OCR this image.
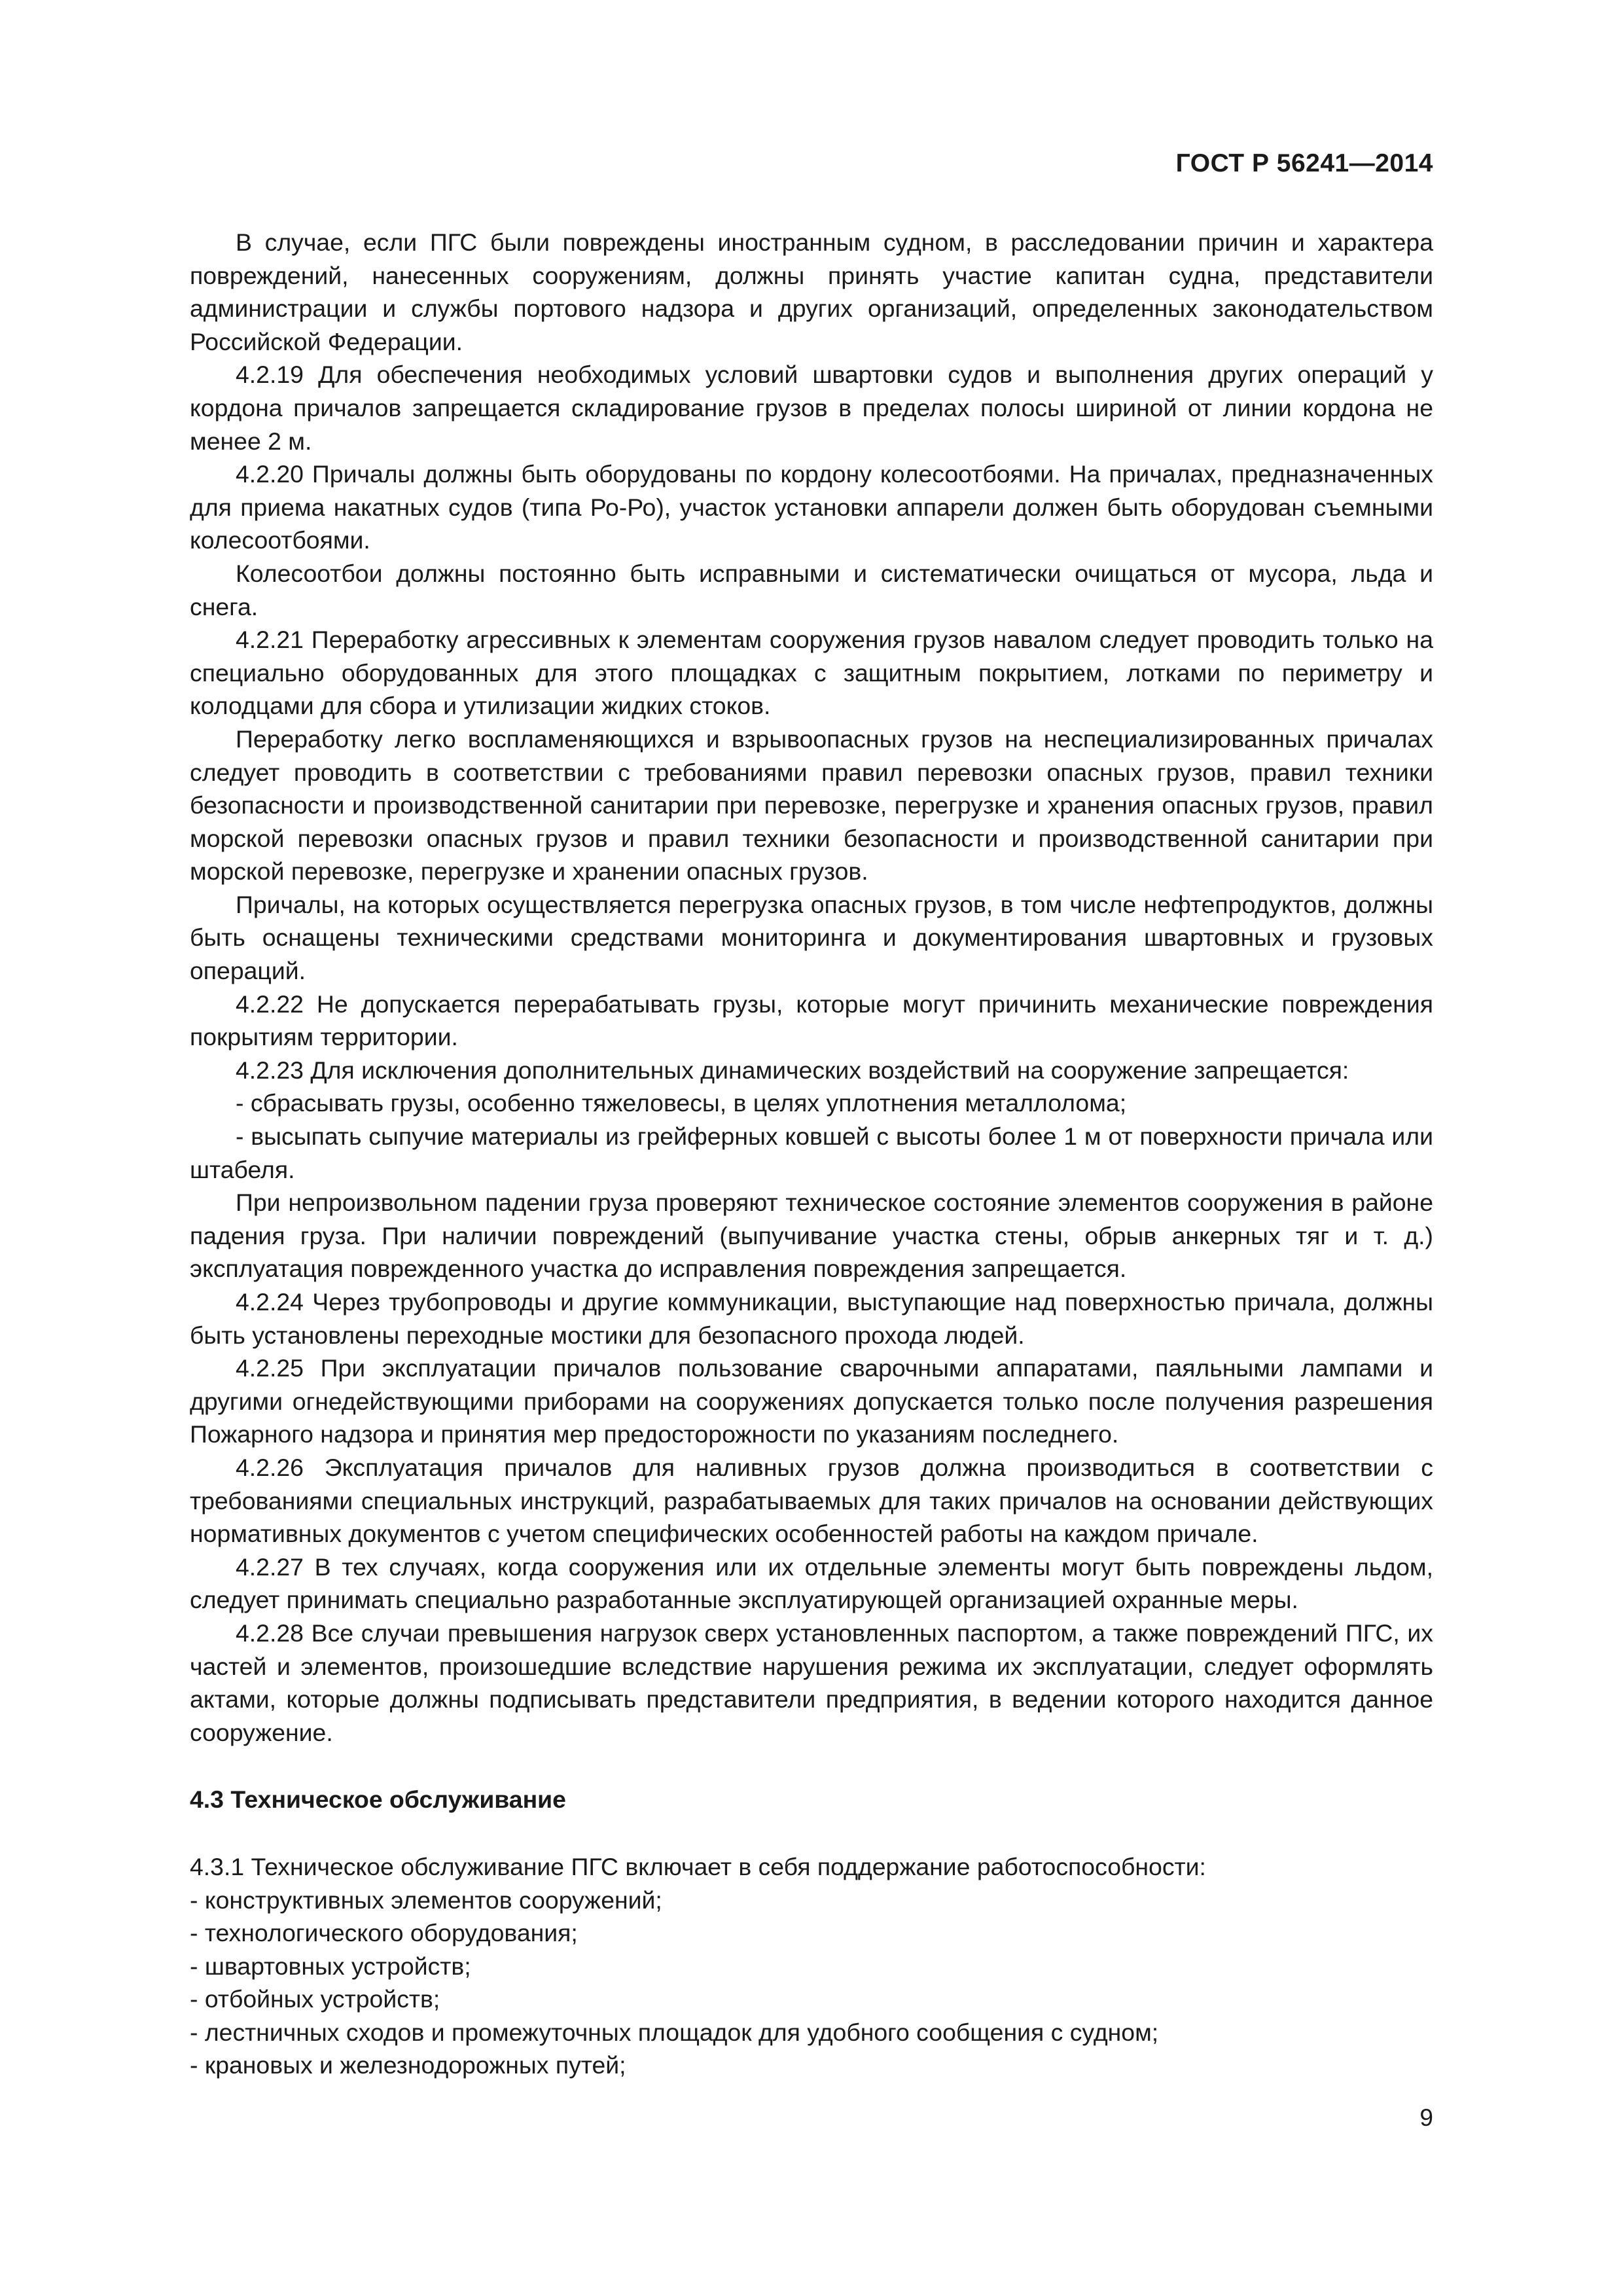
ГОСТ Р 56241—2014

В случае, если ПГС были повреждены иностранным судном, в расследовании причин и характера повреждений, нанесенных сооружениям, должны принять участие капитан судна, представители администрации и службы портового надзора и других организаций, определенных законодательством Российской Федерации.

4.2.19 Для обеспечения необходимых условий швартовки судов и выполнения других операций у кордона причалов запрещается складирование грузов в пределах полосы шириной от линии кордона не менее 2 м.

4.2.20 Причалы должны быть оборудованы по кордону колесоотбоями. На причалах, предназначенных для приема накатных судов (типа Ро-Ро), участок установки аппарели должен быть оборудован съемными колесоотбоями.

Колесоотбои должны постоянно быть исправными и систематически очищаться от мусора, льда и снега.

4.2.21 Переработку агрессивных к элементам сооружения грузов навалом следует проводить только на специально оборудованных для этого площадках с защитным покрытием, лотками по периметру и колодцами для сбора и утилизации жидких стоков.

Переработку легко воспламеняющихся и взрывоопасных грузов на неспециализированных причалах следует проводить в соответствии с требованиями правил перевозки опасных грузов, правил техники безопасности и производственной санитарии при перевозке, перегрузке и хранения опасных грузов, правил морской перевозки опасных грузов и правил техники безопасности и производственной санитарии при морской перевозке, перегрузке и хранении опасных грузов.

Причалы, на которых осуществляется перегрузка опасных грузов, в том числе нефтепродуктов, должны быть оснащены техническими средствами мониторинга и документирования швартовных и грузовых операций.

4.2.22 Не допускается перерабатывать грузы, которые могут причинить механические повреждения покрытиям территории.

4.2.23 Для исключения дополнительных динамических воздействий на сооружение запрещается:

- сбрасывать грузы, особенно тяжеловесы, в целях уплотнения металлолома;

- высыпать сыпучие материалы из грейферных ковшей с высоты более 1 м от поверхности причала или штабеля.

При непроизвольном падении груза проверяют техническое состояние элементов сооружения в районе падения груза. При наличии повреждений (выпучивание участка стены, обрыв анкерных тяг и т. д.) эксплуатация поврежденного участка до исправления повреждения запрещается.

4.2.24 Через трубопроводы и другие коммуникации, выступающие над поверхностью причала, должны быть установлены переходные мостики для безопасного прохода людей.

4.2.25 При эксплуатации причалов пользование сварочными аппаратами, паяльными лампами и другими огнедействующими приборами на сооружениях допускается только после получения разрешения Пожарного надзора и принятия мер предосторожности по указаниям последнего.

4.2.26 Эксплуатация причалов для наливных грузов должна производиться в соответствии с требованиями специальных инструкций, разрабатываемых для таких причалов на основании действующих нормативных документов с учетом специфических особенностей работы на каждом причале.

4.2.27 В тех случаях, когда сооружения или их отдельные элементы могут быть повреждены льдом, следует принимать специально разработанные эксплуатирующей организацией охранные меры.

4.2.28 Все случаи превышения нагрузок сверх установленных паспортом, а также повреждений ПГС, их частей и элементов, произошедшие вследствие нарушения режима их эксплуатации, следует оформлять актами, которые должны подписывать представители предприятия, в ведении которого находится данное сооружение.

4.3 Техническое обслуживание

4.3.1 Техническое обслуживание ПГС включает в себя поддержание работоспособности:

- конструктивных элементов сооружений;

- технологического оборудования;

- швартовных устройств;

- отбойных устройств;

- лестничных сходов и промежуточных площадок для удобного сообщения с судном;

- крановых и железнодорожных путей;

9
